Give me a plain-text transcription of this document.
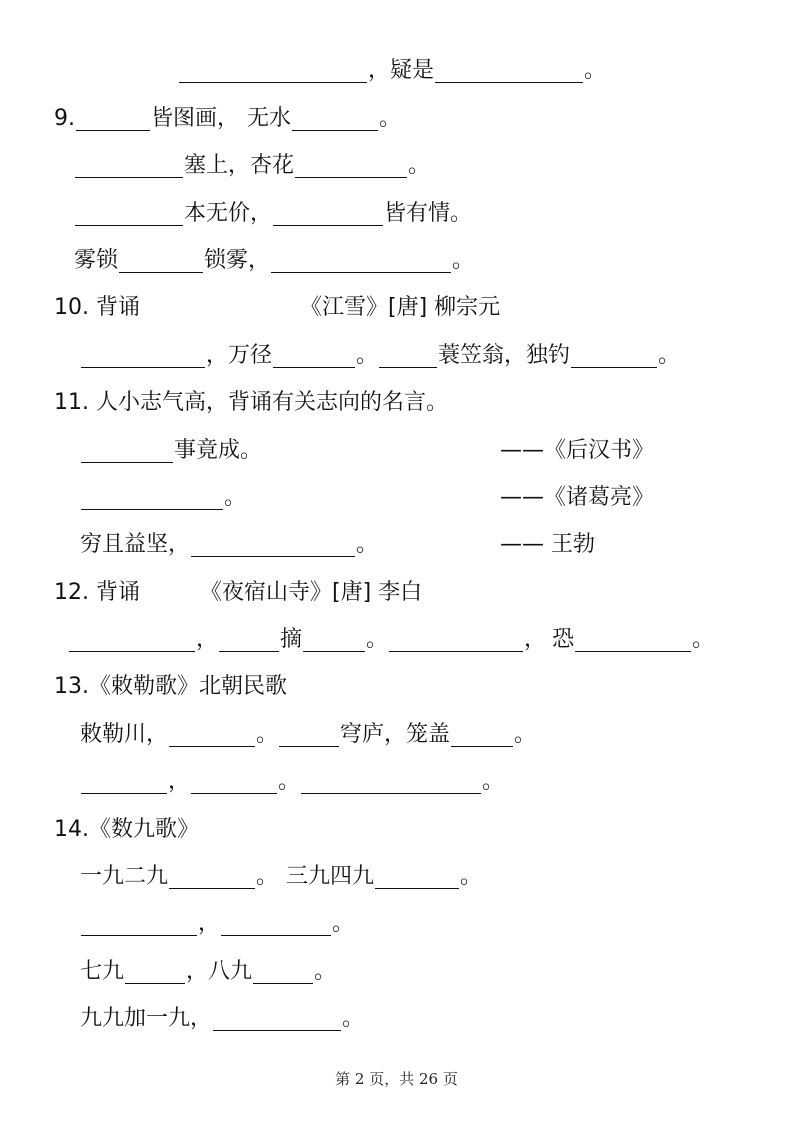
，疑是	。
9.	皆图画， 无水	。
塞上，杏花	。
本无价，	皆有情。
雾锁	锁雾，	。
10. 背诵	《江雪》[唐] 柳宗元
，万径	。	蓑笠翁，独钓	。
11. 人小志气高，背诵有关志向的名言。
事竟成。	——《后汉书》
。	——《诸葛亮》
穷且益坚，	。	—— 王勃
12. 背诵	《夜宿山寺》[唐] 李白
，	摘	。	， 恐	。
13.《敕勒歌》北朝民歌
敕勒川，	。	穹庐，笼盖	。
，	。	。
14.《数九歌》
一九二九	。 三九四九	。
，	。
七九	，八九	。
九九加一九，	。
第 2 页，共 26 页
